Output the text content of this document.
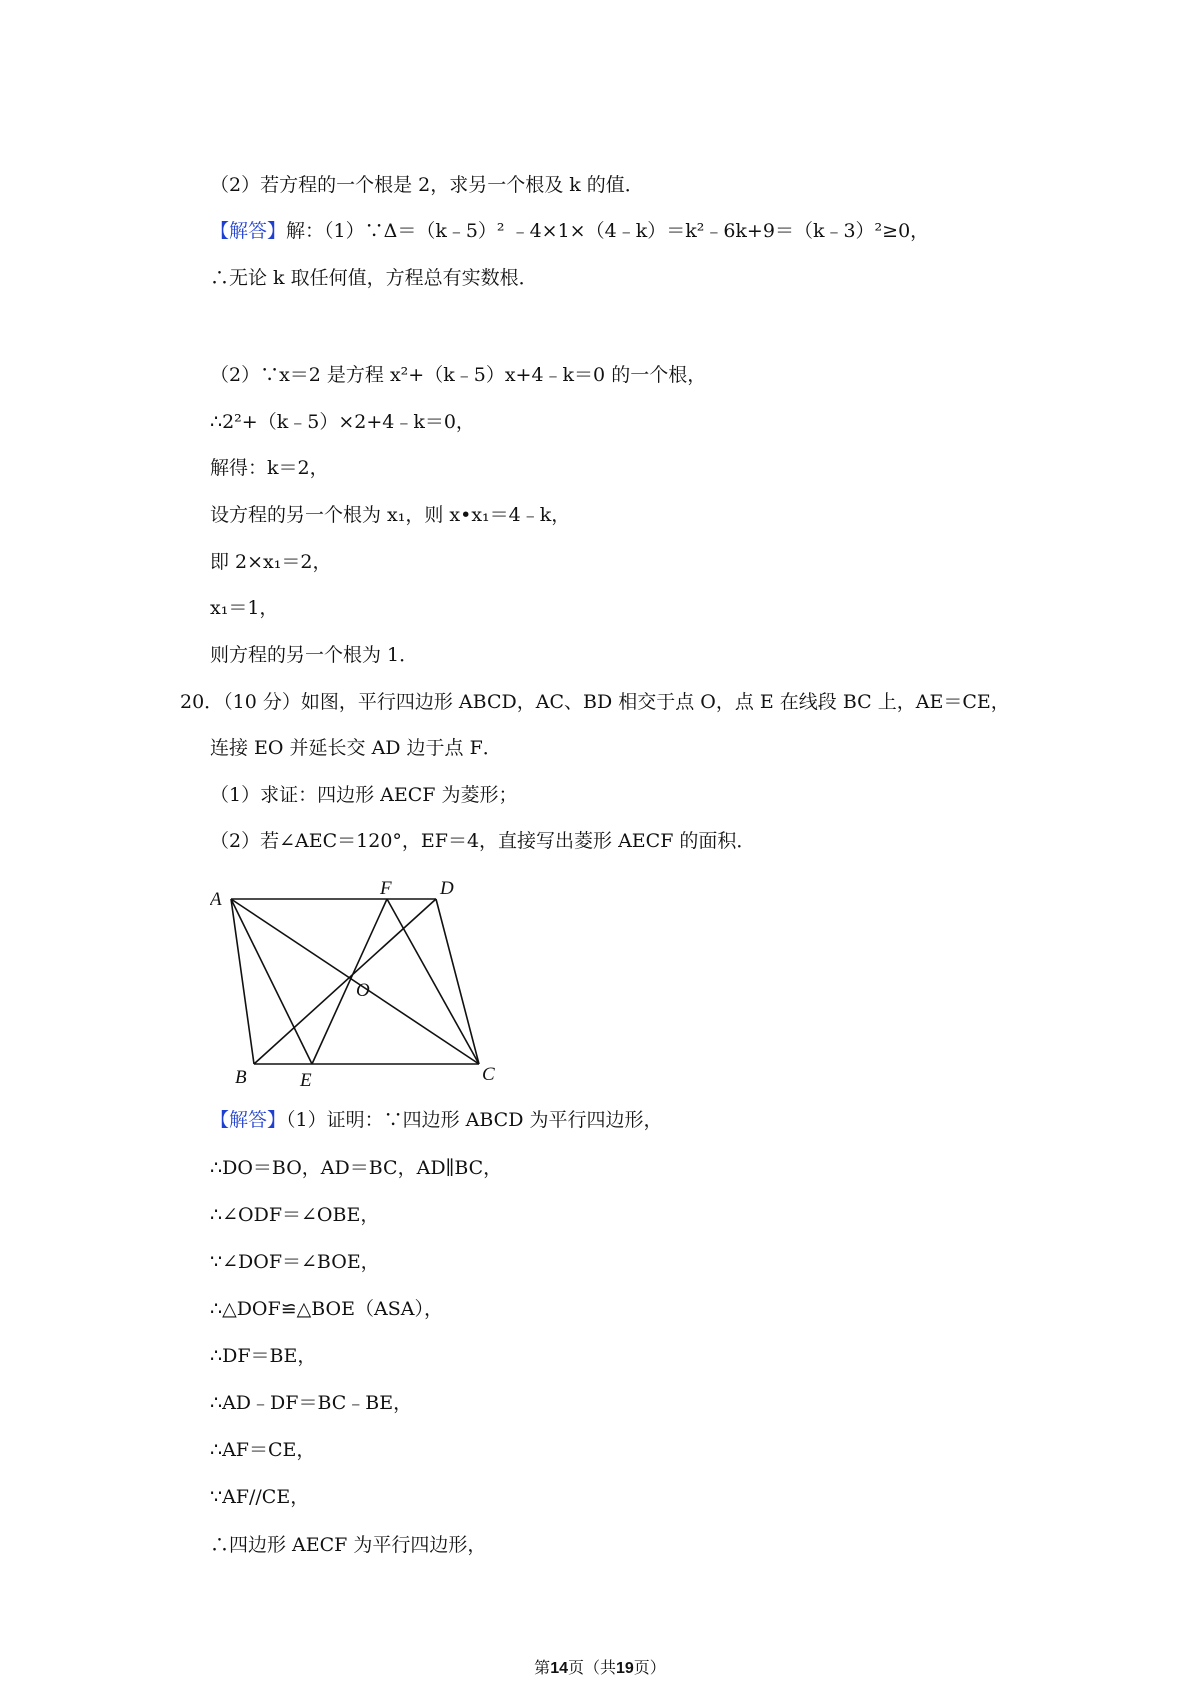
（2）若方程的一个根是 2，求另一个根及 k 的值．
【解答】解：（1）∵Δ＝（k﹣5）² ﹣4×1×（4﹣k）＝k²﹣6k+9＝（k﹣3）²≥0，
∴无论 k 取任何值，方程总有实数根．
（2）∵x＝2 是方程 x²+（k﹣5）x+4﹣k＝0 的一个根，
∴2²+（k﹣5）×2+4﹣k＝0，
解得：k＝2，
设方程的另一个根为 x₁，则 x•x₁＝4﹣k，
即 2×x₁＝2，
x₁＝1，
则方程的另一个根为 1．
20．（10 分）如图，平行四边形 ABCD，AC、BD 相交于点 O，点 E 在线段 BC 上，AE＝CE，
连接 EO 并延长交 AD 边于点 F．
（1）求证：四边形 AECF 为菱形；
（2）若∠AEC＝120°，EF＝4，直接写出菱形 AECF 的面积．
A
F	D
O
B	E	C
【解答】（1）证明：∵四边形 ABCD 为平行四边形，
∴DO＝BO，AD＝BC，AD∥BC，
∴∠ODF＝∠OBE，
∵∠DOF＝∠BOE，
∴△DOF≌△BOE（ASA），
∴DF＝BE，
∴AD﹣DF＝BC﹣BE，
∴AF＝CE，
∵AF//CE，
∴四边形 AECF 为平行四边形，
第14页（共19页）
